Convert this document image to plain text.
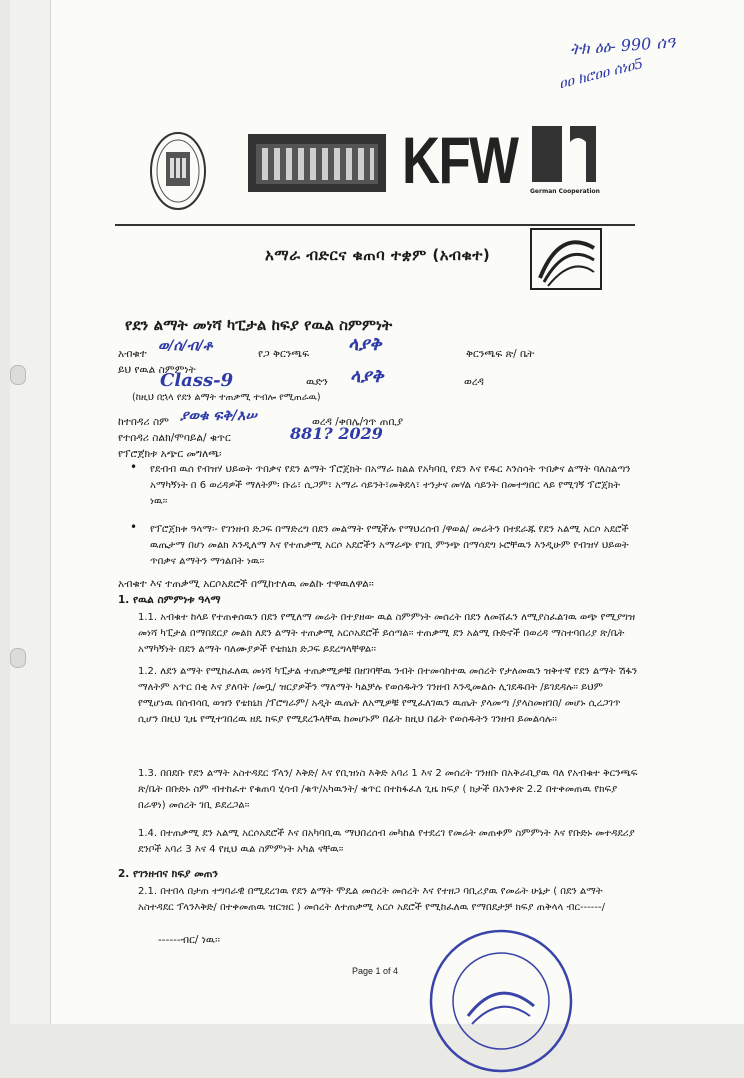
ትክ ዕዕ- 990 ሰዓ
ዐዐ ክሮዐዐ ሰነዐ5
KFW German Cooperation
አማራ ብድርና ቁጠባ ተቋም (አብቁተ)
የደን ልማት መነሻ ካፒታል ከፍያ የዉል ስምምነት
አብቁተ ወ/ሰ/ብ/ቶ	የጋ ቅርንጫፍ ላያቅ	ቅርንጫፍ ጽ/ ቤት
ይህ የዉል ስምምነት
Class-9	ዉድን ላያቅ	ወረዳ
(ከዚህ በኋላ የደን ልማት ተጠቃሚ ተብሎ የሚጠራዉ)
ከተበዳሪ ስም ያወቁ ፍቅ/እሠ	ወረዳ /ቀበሌ/ጎጥ ጠቢያ
የተበዳሪ ስልክ/ሞባይል/ ቁጥር	881? 2029
የፕሮጀክቱ አጭር መግለጫ፡
• የደብብ ዉሰ የብዝሃ ህይወት ጥበቃና የደን ልማት ፕሮጀክት በአማራ ክልል የአካባቢ የደን እና የዱር እንስሳት ጥበቃና ልማት ባለስልጣን አማካኝነት በ 6 ወረዳዎች ማለትም፡ ቡሬ፣ ሲጋም፣ አማራ ሳይንት፣መቅደላ፣ ተንታና መሃል ሳይንት በመተግበር ላይ የሚገኝ ፕሮጀክት ነዉ፡፡
• የፕሮጀክቱ ዓላማ፡- የገንዘብ ድጋፍ በማድረግ በደን መልማት የሚችሉ የማህረሰብ /ዋወል/ መሬትን በተደራጁ የደን አልሚ አርሶ አደሮች ዉጤታማ በሆነ መልክ እንዲለማ እና የተጠቃሚ አርሶ አደሮችን አማራጭ የገቢ ምንጭ በማሳደግ ኑሮቸዉን እንዲሁም የብዝሃ ህይወት ጥበቃና ልማትን ማጎልበት ነዉ፡፡
አብቁተ እና ተጠቃሚ አርሶአደሮች በሚከተለዉ መልኩ ተዋዉለዋል፡፡
1. የዉል ስምምነቱ ዓላማ
1.1. አብቁተ ከላይ የተጠቀሰዉን በደን የሚለማ መሬት በተያዘው ዉል ስምምነት መሰረት በደን ለመሸፈን ለሚያስፈልገዉ ወጭ የሚያግዝ መነሻ ካፒታል በማበደርያ መልክ ለደን ልማት ተጠቃሚ አርሶአደሮች ይሰጣል፡፡ ተጠቃሚ ደን አልሚ ቡድኖች በወረዳ ማስተባበሪያ ጽ/ቤት አማካኝነት በደን ልማት ባለሙያዎች የቴክኒክ ድጋፍ ይደረግላቸዋል፡፡
1.2. ለደን ልማት የሚከፈለዉ መነሻ ካፒታል ተጠቃሚዎቹ በዘገባቸዉ ንብት በተመሳከተዉ መሰረት የታለመዉን ዝቅተኛ የደን ልማት ሽፋን ማለትም አጥር በቂ እና ያለባት /መቧ/ ዝርያዎችን ማለማት ካልቻሉ የወሰዱትን ገንዘብ እንዲመልሱ ሊገደዱበት /ይገደዳሉ፡፡ ይህም የሚሆነዉ በሰብሳቢ ወዝን የቴክኒክ /ፕሮግራም/ አዲት ዉጤት ለአሚዎቹ የሚፈለገዉን ዉጤት ያላመጣ /ያላስመዘገበ/ መሆኑ ሲረጋገጥ ሲሆን በዚህ ጊዜ የሚተገበረዉ ዘዴ ክፍያ የሚደረጉላቸዉ ከመሆኑም በፊት ክዚህ በፊት የወሰዱትን ገንዘብ ይመልሳሉ፡፡
1.3. በበደቡ የደን ልማት አስተዳደር ፕላን/ እቅድ/ እና የቢዝነስ እቅድ አባሪ 1 እና 2 መሰረት ገንዘቡ በአቅራቢያዉ ባለ የአብቁተ ቅርንጫፍ ጽ/ቤት በቡድኑ ስም ብተከፈተ የቁጠባ ሂሳብ /ቁጥ/አካዉንት/ ቁጥር በተከፋፈለ ጊዜ ክፍያ ( ክታች በአንቀጽ 2.2 በተቀመጠዉ የክፍያ በራዋነ) መሰረት ገቢ ይደረጋል፡፡
1.4. በተጠቃሚ ደን አልሚ አርሶአደሮች እና በአካባቢዉ ማህበረሰብ መካከል የተደረገ የመሬት መጠቀም ስምምነት እና የቡድኑ መተዳደሪያ ደንቦች አባሪ 3 እና 4 የዚህ ዉል ስምምነት አካል ናቸዉ፡፡
2. የገንዘብና ክፍያ መጠን
2.1. በተበላ በታጠ ተግባራዊ በሚደረገዉ የደን ልማት ሞዴል መሰረት መሰረት እና የተዘጋ ባቢሪያዉ የመሬት ሁኔታ ( በደን ልማት አስተዳደር ፕላንእቅድ/ በተቀመጠዉ ዝርዝር ) መሰረት ለተጠቃሚ አርሶ አደሮች የሚከፈለዉ የማበደታቻ ክፍያ ጠቅላላ ብር------/
------ብር/ ነዉ፡፡
Page 1 of 4
